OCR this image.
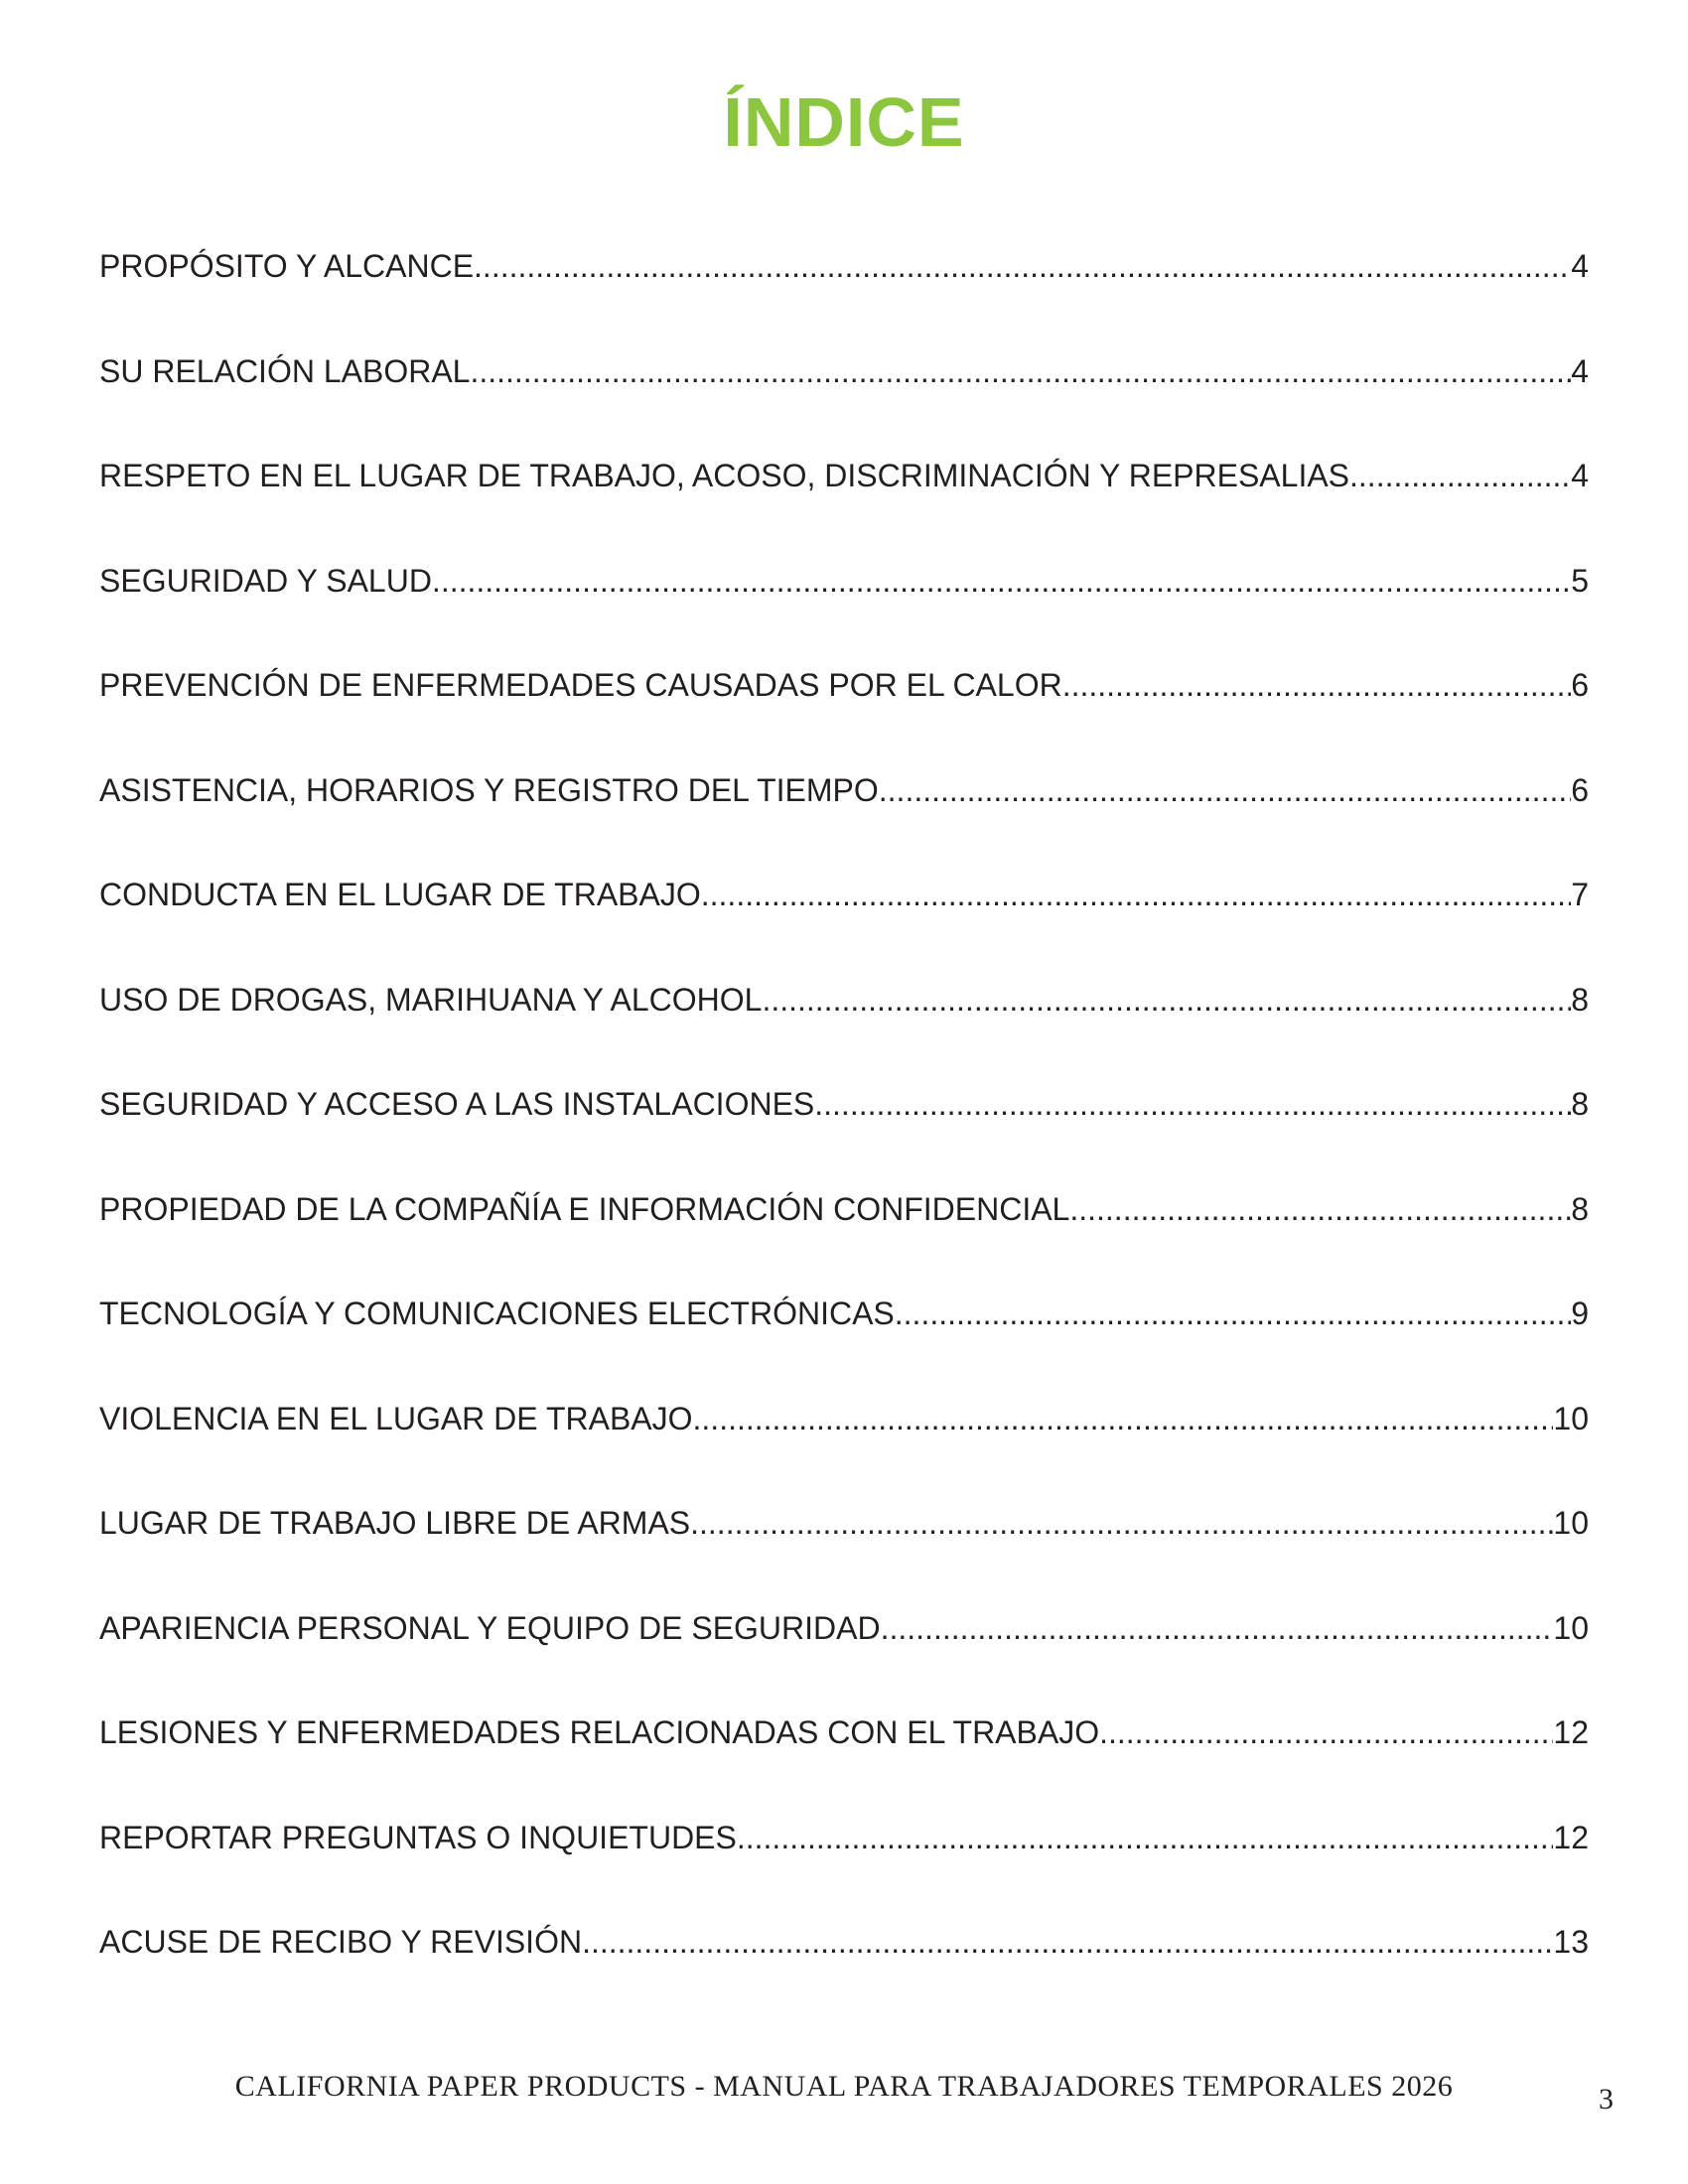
ÍNDICE
PROPÓSITO Y ALCANCE .....	4
SU RELACIÓN LABORAL .....	4
RESPETO EN EL LUGAR DE TRABAJO, ACOSO, DISCRIMINACIÓN Y REPRESALIAS .....	4
SEGURIDAD Y SALUD .....	5
PREVENCIÓN DE ENFERMEDADES CAUSADAS POR EL CALOR .....	6
ASISTENCIA, HORARIOS Y REGISTRO DEL TIEMPO .....	6
CONDUCTA EN EL LUGAR DE TRABAJO .....	7
USO DE DROGAS, MARIHUANA Y ALCOHOL .....	8
SEGURIDAD Y ACCESO A LAS INSTALACIONES .....	8
PROPIEDAD DE LA COMPAÑÍA E INFORMACIÓN CONFIDENCIAL .....	8
TECNOLOGÍA Y COMUNICACIONES ELECTRÓNICAS .....	9
VIOLENCIA EN EL LUGAR DE TRABAJO .....	10
LUGAR DE TRABAJO LIBRE DE ARMAS .....	10
APARIENCIA PERSONAL Y EQUIPO DE SEGURIDAD .....	10
LESIONES Y ENFERMEDADES RELACIONADAS CON EL TRABAJO .....	12
REPORTAR PREGUNTAS O INQUIETUDES .....	12
ACUSE DE RECIBO Y REVISIÓN .....	13
CALIFORNIA PAPER PRODUCTS - MANUAL PARA TRABAJADORES TEMPORALES 2026	3
